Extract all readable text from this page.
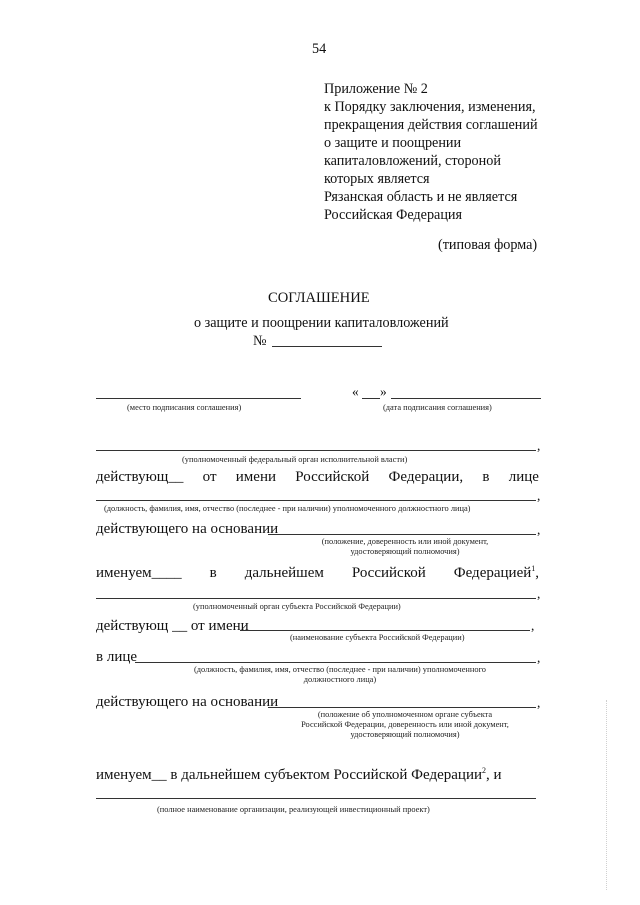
54
Приложение № 2
к Порядку заключения, изменения,
прекращения действия соглашений
о защите и поощрении
капиталовложений, стороной
которых является
Рязанская область и не является
Российская Федерация
(типовая форма)
СОГЛАШЕНИЕ
о защите и поощрении капиталовложений
№
(место подписания соглашения)
« »
(дата подписания соглашения)
,
(уполномоченный федеральный орган исполнительной власти)
действующ__ от имени Российской Федерации, в лице
,
(должность, фамилия, имя, отчество (последнее - при наличии) уполномоченного должностного лица)
действующего на основании	,
(положение, доверенность или иной документ,
удостоверяющий полномочия)
именуем____ в дальнейшем Российской Федерацией$^1$,
,
(уполномоченный орган субъекта Российской Федерации)
действующ __ от имени	,
(наименование субъекта Российской Федерации)
в лице	,
(должность, фамилия, имя, отчество (последнее - при наличии) уполномоченного
должностного лица)
действующего на основании	,
(положение об уполномоченном органе субъекта
Российской Федерации, доверенность или иной документ,
удостоверяющий полномочия)
именуем__ в дальнейшем субъектом Российской Федерации$^2$, и
(полное наименование организации, реализующей инвестиционный проект)
